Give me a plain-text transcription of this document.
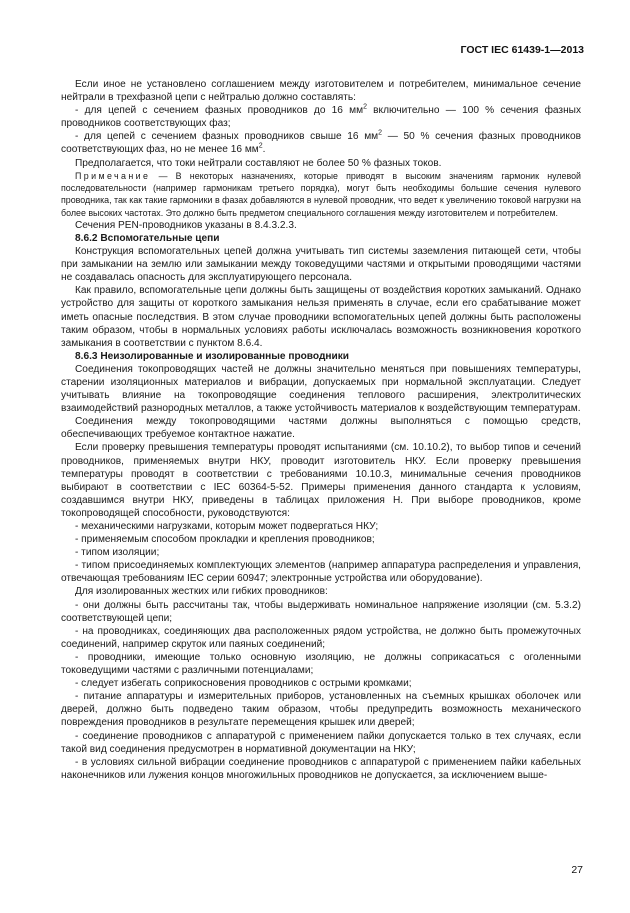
ГОСТ IEC 61439-1—2013

Если иное не установлено соглашением между изготовителем и потребителем, минимальное сечение нейтрали в трехфазной цепи с нейтралью должно составлять:

- для цепей с сечением фазных проводников до 16 $мм^2$ включительно — 100 % сечения фазных проводников соответствующих фаз;

- для цепей с сечением фазных проводников свыше 16 $мм^2$ — 50 % сечения фазных проводников соответствующих фаз, но не менее 16 $мм^2$.

Предполагается, что токи нейтрали составляют не более 50 % фазных токов.

Примечание — В некоторых назначениях, которые приводят в высоким значениям гармоник нулевой последовательности (например гармоникам третьего порядка), могут быть необходимы большие сечения нулевого проводника, так как такие гармоники в фазах добавляются в нулевой проводник, что ведет к увеличению токовой нагрузки на более высоких частотах. Это должно быть предметом специального соглашения между изготовителем и потребителем.

Сечения PEN-проводников указаны в 8.4.3.2.3.

8.6.2 Вспомогательные цепи

Конструкция вспомогательных цепей должна учитывать тип системы заземления питающей сети, чтобы при замыкании на землю или замыкании между токоведущими частями и открытыми проводящими частями не создавалась опасность для эксплуатирующего персонала.

Как правило, вспомогательные цепи должны быть защищены от воздействия коротких замыканий. Однако устройство для защиты от короткого замыкания нельзя применять в случае, если его срабатывание может иметь опасные последствия. В этом случае проводники вспомогательных цепей должны быть расположены таким образом, чтобы в нормальных условиях работы исключалась возможность возникновения короткого замыкания в соответствии с пунктом 8.6.4.

8.6.3 Неизолированные и изолированные проводники

Соединения токопроводящих частей не должны значительно меняться при повышениях температуры, старении изоляционных материалов и вибрации, допускаемых при нормальной эксплуатации. Следует учитывать влияние на токопроводящие соединения теплового расширения, электролитических взаимодействий разнородных металлов, а также устойчивость материалов к воздействующим температурам.

Соединения между токопроводящими частями должны выполняться с помощью средств, обеспечивающих требуемое контактное нажатие.

Если проверку превышения температуры проводят испытаниями (см. 10.10.2), то выбор типов и сечений проводников, применяемых внутри НКУ, проводит изготовитель НКУ. Если проверку превышения температуры проводят в соответствии с требованиями 10.10.3, минимальные сечения проводников выбирают в соответствии с IEC 60364-5-52. Примеры применения данного стандарта к условиям, создавшимся внутри НКУ, приведены в таблицах приложения H. При выборе проводников, кроме токопроводящей способности, руководствуются:

- механическими нагрузками, которым может подвергаться НКУ;

- применяемым способом прокладки и крепления проводников;

- типом изоляции;

- типом присоединяемых комплектующих элементов (например аппаратура распределения и управления, отвечающая требованиям IEC серии 60947; электронные устройства или оборудование).

Для изолированных жестких или гибких проводников:

- они должны быть рассчитаны так, чтобы выдерживать номинальное напряжение изоляции (см. 5.3.2) соответствующей цепи;

- на проводниках, соединяющих два расположенных рядом устройства, не должно быть промежуточных соединений, например скруток или паяных соединений;

- проводники, имеющие только основную изоляцию, не должны соприкасаться с оголенными токоведущими частями с различными потенциалами;

- следует избегать соприкосновения проводников с острыми кромками;

- питание аппаратуры и измерительных приборов, установленных на съемных крышках оболочек или дверей, должно быть подведено таким образом, чтобы предупредить возможность механического повреждения проводников в результате перемещения крышек или дверей;

- соединение проводников с аппаратурой с применением пайки допускается только в тех случаях, если такой вид соединения предусмотрен в нормативной документации на НКУ;

- в условиях сильной вибрации соединение проводников с аппаратурой с применением пайки кабельных наконечников или лужения концов многожильных проводников не допускается, за исключением выше-

27
